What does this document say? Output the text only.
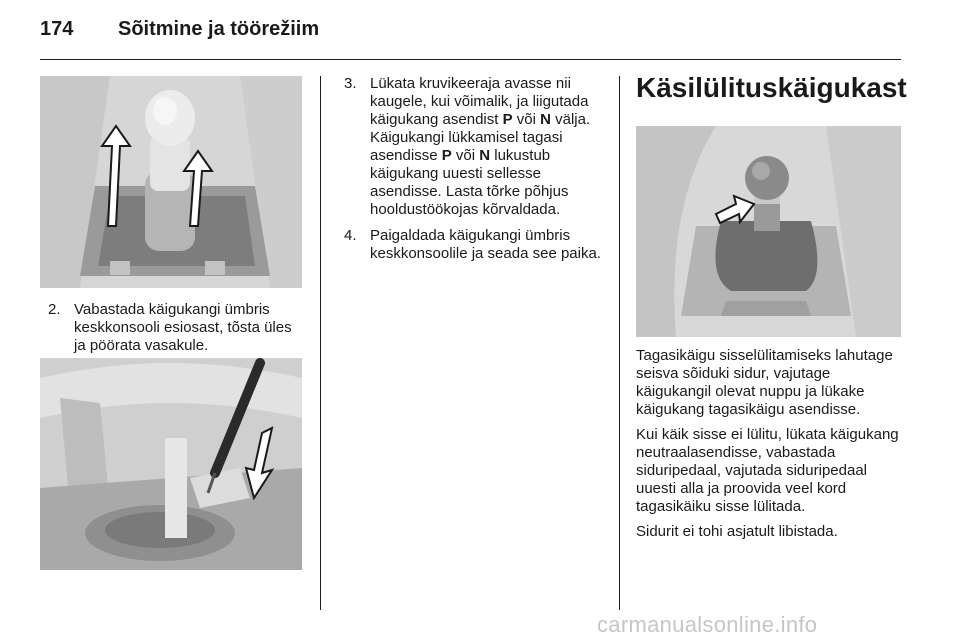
174 Sõitmine ja töörežiim
2. Vabastada käigukangi ümbris keskkonsooli esiosast, tõsta üles ja pöörata vasakule.
3. Lükata kruvikeeraja avasse nii kaugele, kui võimalik, ja liigutada käigukang asendist P või N välja. Käigukangi lükkamisel tagasi asendisse P või N lukustub käigukang uuesti sellesse asendisse. Lasta tõrke põhjus hooldustöökojas kõrvaldada.
4. Paigaldada käigukangi ümbris keskkonsoolile ja seada see paika.
Käsilülituskäigukast

Tagasikäigu sisselülitamiseks lahutage seisva sõiduki sidur, vajutage käigukangil olevat nuppu ja lükake käigukang tagasikäigu asendisse.

Kui käik sisse ei lülitu, lükata käigukang neutraalasendisse, vabastada siduripedaal, vajutada siduripedaal uuesti alla ja proovida veel kord tagasikäiku sisse lülitada.

Sidurit ei tohi asjatult libistada.

carmanualsonline.info
